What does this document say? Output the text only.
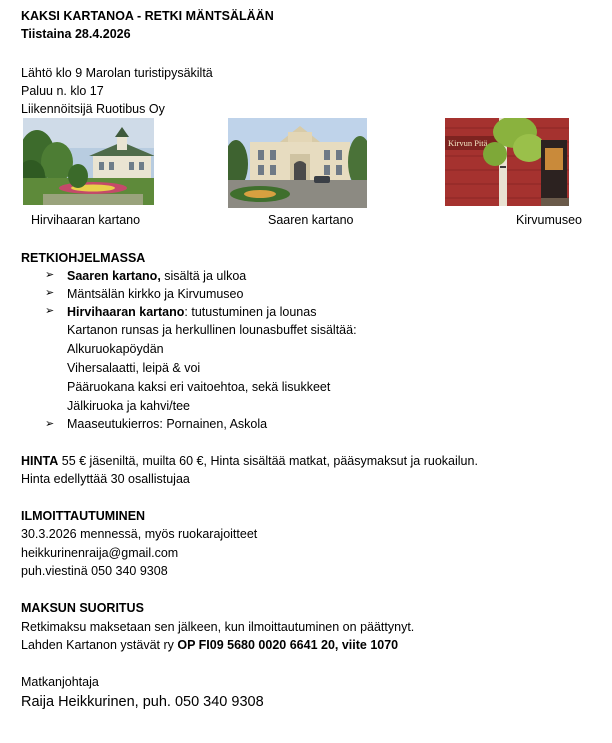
KAKSI KARTANOA - RETKI MÄNTSÄLÄÄN
Tiistaina 28.4.2026
Lähtö klo 9 Marolan turistipysäkiltä
Paluu n. klo 17
Liikennöitsijä Ruotibus Oy
Hirvihaaran kartano	Saaren kartano
Kirvun Pitä
Kirvumuseo
RETKIOHJELMASSA
➢ Saaren kartano, sisältä ja ulkoa
➢ Mäntsälän kirkko ja Kirvumuseo
➢ Hirvihaaran kartano: tutustuminen ja lounas
Kartanon runsas ja herkullinen lounasbuffet sisältää:
Alkuruokapöydän
Vihersalaatti, leipä & voi
Pääruokana kaksi eri vaitoehtoa, sekä lisukkeet
Jälkiruoka ja kahvi/tee
➢ Maaseutukierros: Pornainen, Askola
HINTA 55 € jäseniltä, muilta 60 €, Hinta sisältää matkat, pääsymaksut ja ruokailun.
Hinta edellyttää 30 osallistujaa
ILMOITTAUTUMINEN
30.3.2026 mennessä, myös ruokarajoitteet
heikkurinenraija@gmail.com
puh.viestinä 050 340 9308
MAKSUN SUORITUS
Retkimaksu maksetaan sen jälkeen, kun ilmoittautuminen on päättynyt.
Lahden Kartanon ystävät ry OP FI09 5680 0020 6641 20, viite 1070
Matkanjohtaja
Raija Heikkurinen, puh. 050 340 9308
